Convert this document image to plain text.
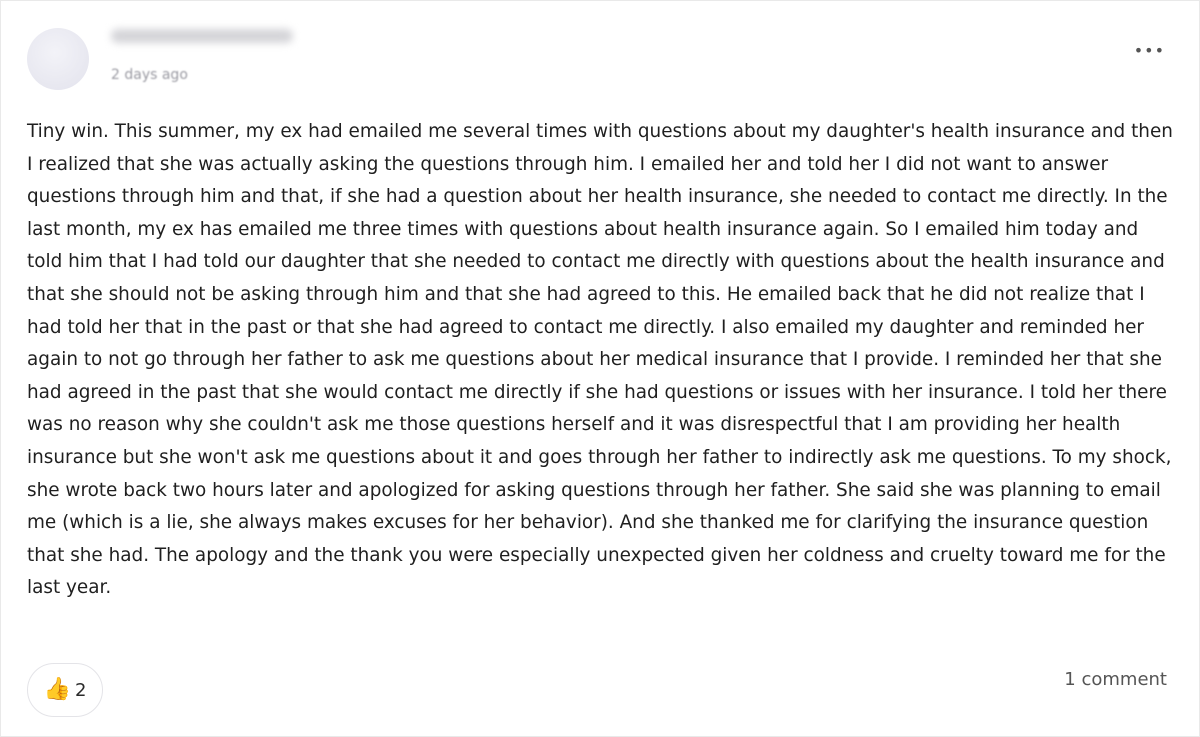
2 days ago
•••

Tiny win. This summer, my ex had emailed me several times with questions about my daughter's health insurance and then I realized that she was actually asking the questions through him. I emailed her and told her I did not want to answer questions through him and that, if she had a question about her health insurance, she needed to contact me directly. In the last month, my ex has emailed me three times with questions about health insurance again. So I emailed him today and told him that I had told our daughter that she needed to contact me directly with questions about the health insurance and that she should not be asking through him and that she had agreed to this. He emailed back that he did not realize that I had told her that in the past or that she had agreed to contact me directly. I also emailed my daughter and reminded her again to not go through her father to ask me questions about her medical insurance that I provide. I reminded her that she had agreed in the past that she would contact me directly if she had questions or issues with her insurance. I told her there was no reason why she couldn't ask me those questions herself and it was disrespectful that I am providing her health insurance but she won't ask me questions about it and goes through her father to indirectly ask me questions. To my shock, she wrote back two hours later and apologized for asking questions through her father. She said she was planning to email me (which is a lie, she always makes excuses for her behavior). And she thanked me for clarifying the insurance question that she had. The apology and the thank you were especially unexpected given her coldness and cruelty toward me for the last year.

👍 2	1 comment
